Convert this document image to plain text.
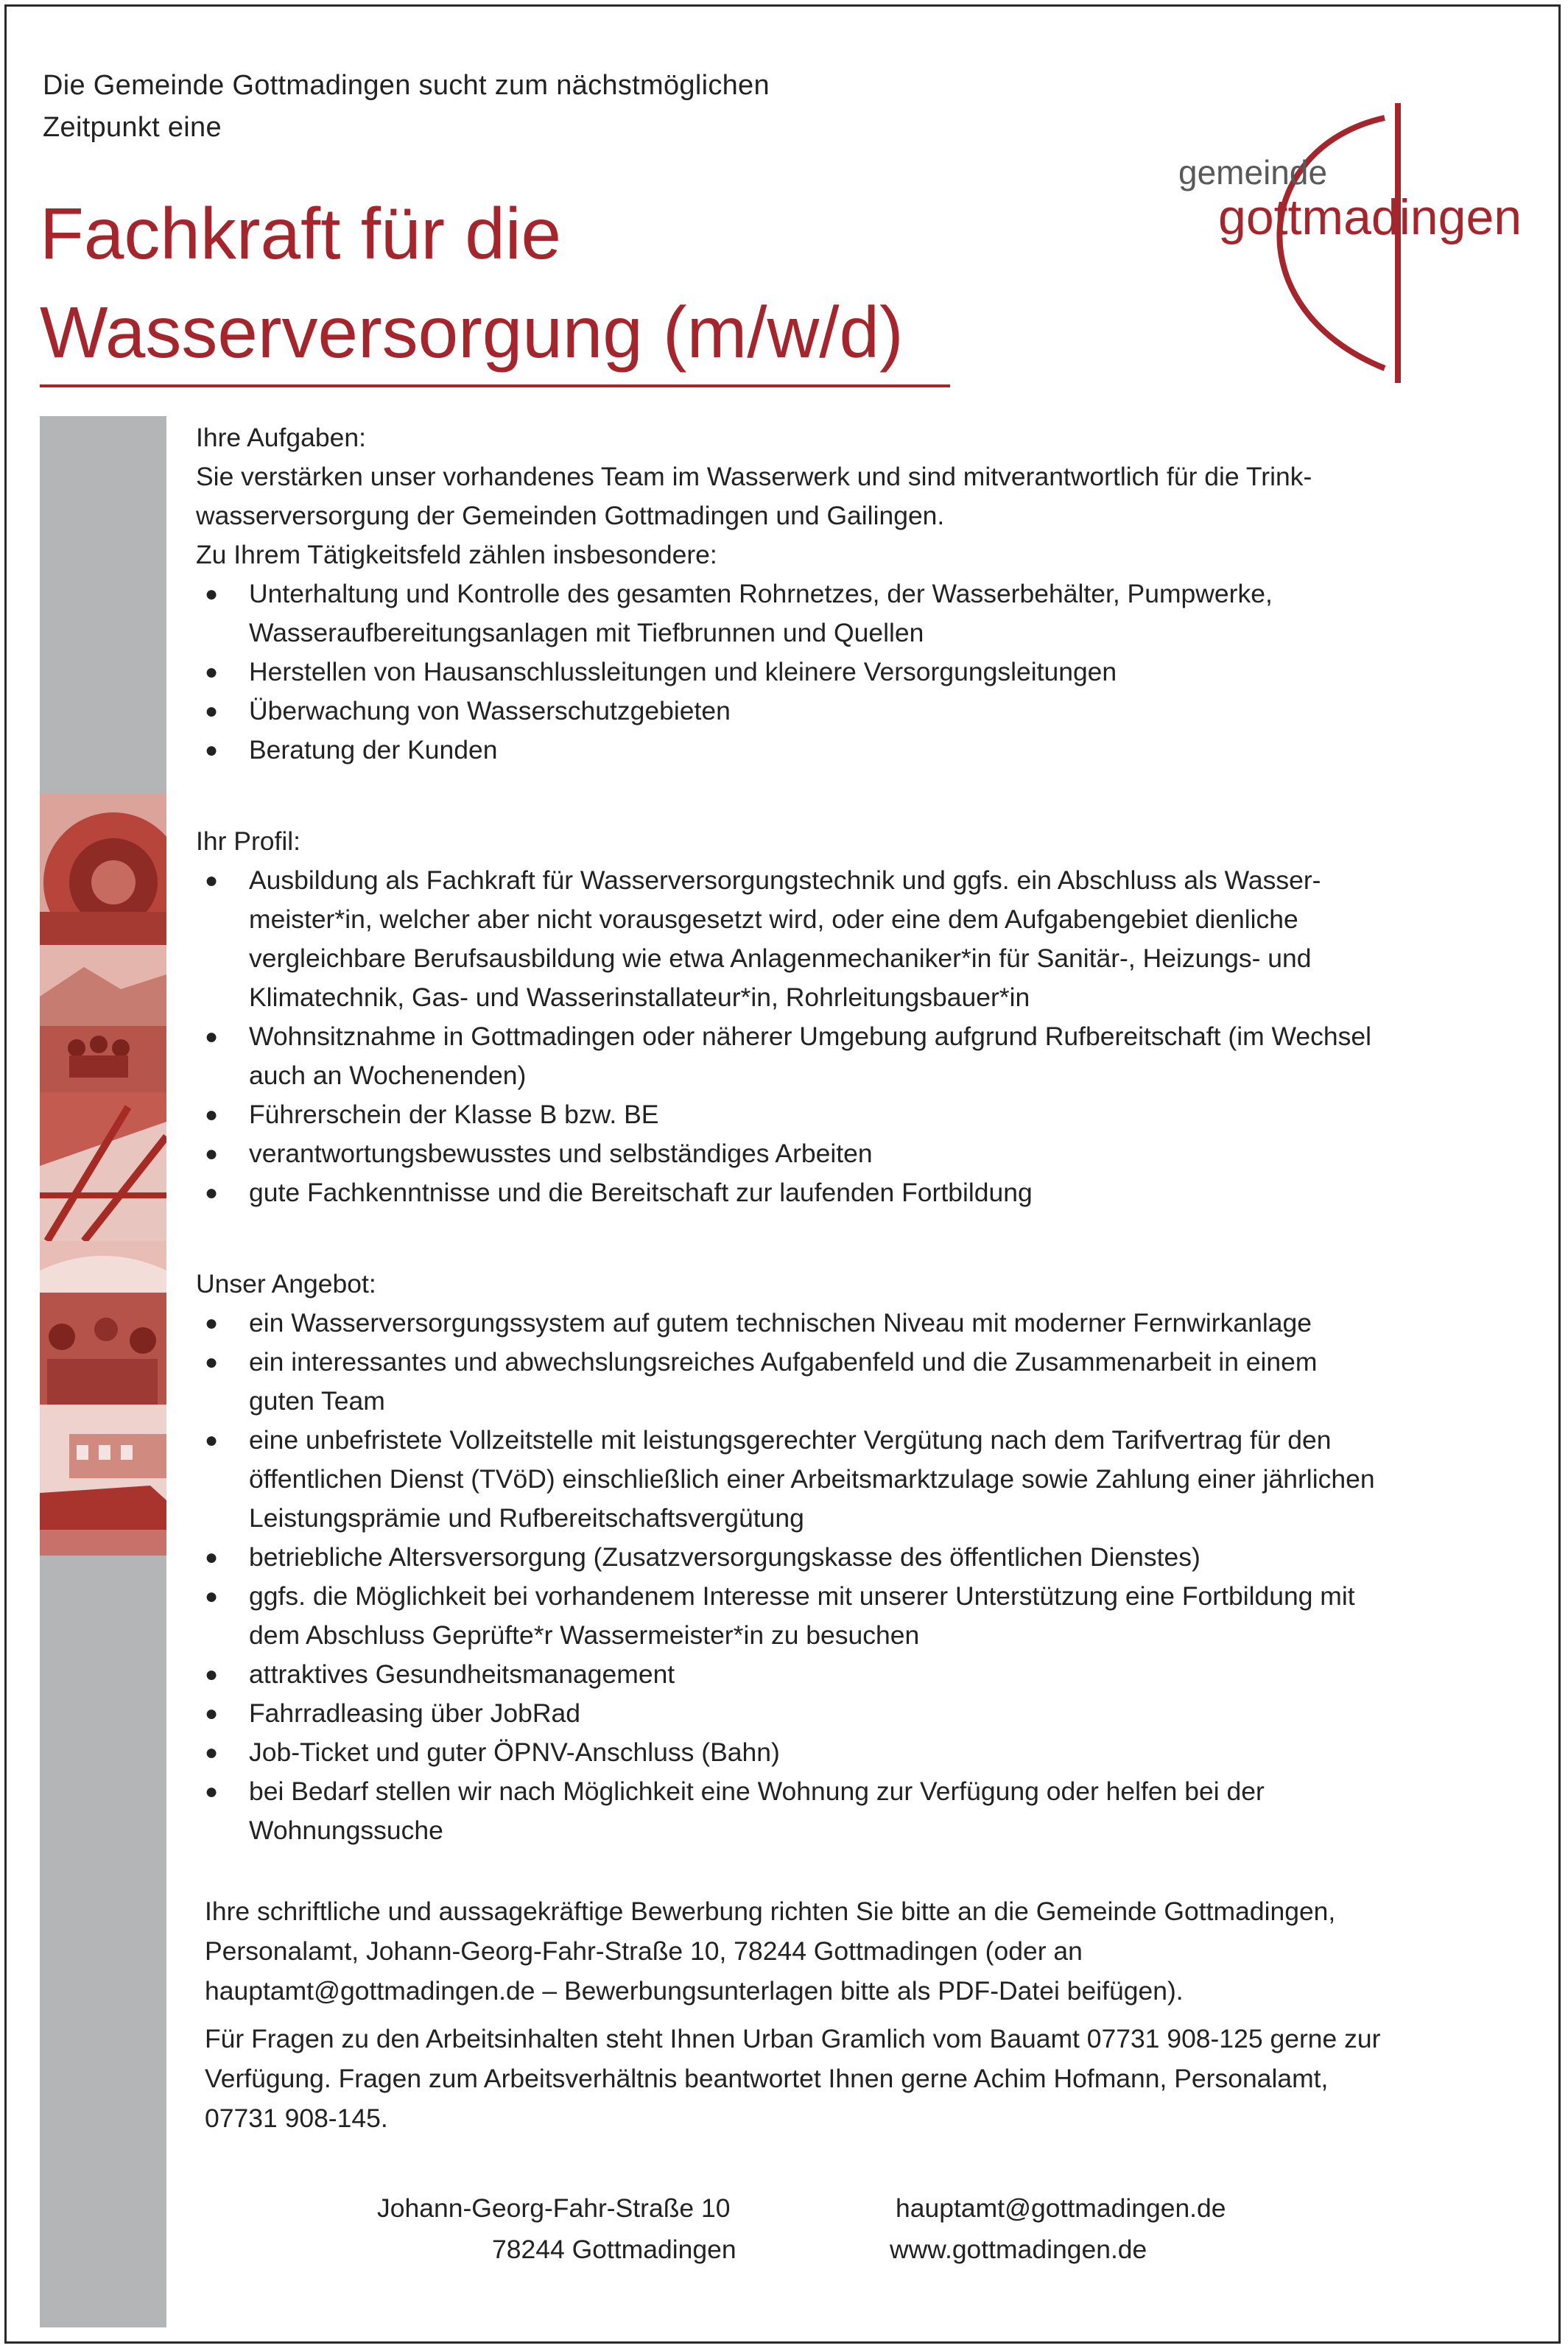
Die Gemeinde Gottmadingen sucht zum nächstmöglichen
Zeitpunkt eine
Fachkraft für die
Wasserversorgung (m/w/d)
gemeinde
gottmadingen

Ihre Aufgaben:

Sie verstärken unser vorhandenes Team im Wasserwerk und sind mitverantwortlich für die Trink-

wasserversorgung der Gemeinden Gottmadingen und Gailingen.

Zu Ihrem Tätigkeitsfeld zählen insbesondere:

● Unterhaltung und Kontrolle des gesamten Rohrnetzes, der Wasserbehälter, Pumpwerke,
Wasseraufbereitungsanlagen mit Tiefbrunnen und Quellen
● Herstellen von Hausanschlussleitungen und kleinere Versorgungsleitungen
● Überwachung von Wasserschutzgebieten
● Beratung der Kunden

Ihr Profil:

● Ausbildung als Fachkraft für Wasserversorgungstechnik und ggfs. ein Abschluss als Wasser-
meister*in, welcher aber nicht vorausgesetzt wird, oder eine dem Aufgabengebiet dienliche
vergleichbare Berufsausbildung wie etwa Anlagenmechaniker*in für Sanitär-, Heizungs- und
Klimatechnik, Gas- und Wasserinstallateur*in, Rohrleitungsbauer*in
● Wohnsitznahme in Gottmadingen oder näherer Umgebung aufgrund Rufbereitschaft (im Wechsel
auch an Wochenenden)
● Führerschein der Klasse B bzw. BE
● verantwortungsbewusstes und selbständiges Arbeiten
● gute Fachkenntnisse und die Bereitschaft zur laufenden Fortbildung

Unser Angebot:

● ein Wasserversorgungssystem auf gutem technischen Niveau mit moderner Fernwirkanlage
● ein interessantes und abwechslungsreiches Aufgabenfeld und die Zusammenarbeit in einem
guten Team
● eine unbefristete Vollzeitstelle mit leistungsgerechter Vergütung nach dem Tarifvertrag für den
öffentlichen Dienst (TVöD) einschließlich einer Arbeitsmarktzulage sowie Zahlung einer jährlichen
Leistungsprämie und Rufbereitschaftsvergütung
● betriebliche Altersversorgung (Zusatzversorgungskasse des öffentlichen Dienstes)
● ggfs. die Möglichkeit bei vorhandenem Interesse mit unserer Unterstützung eine Fortbildung mit
dem Abschluss Geprüfte*r Wassermeister*in zu besuchen
● attraktives Gesundheitsmanagement
● Fahrradleasing über JobRad
● Job-Ticket und guter ÖPNV-Anschluss (Bahn)
● bei Bedarf stellen wir nach Möglichkeit eine Wohnung zur Verfügung oder helfen bei der
Wohnungssuche

Ihre schriftliche und aussagekräftige Bewerbung richten Sie bitte an die Gemeinde Gottmadingen,
Personalamt, Johann-Georg-Fahr-Straße 10, 78244 Gottmadingen (oder an
hauptamt@gottmadingen.de – Bewerbungsunterlagen bitte als PDF-Datei beifügen).

Für Fragen zu den Arbeitsinhalten steht Ihnen Urban Gramlich vom Bauamt 07731 908-125 gerne zur
Verfügung. Fragen zum Arbeitsverhältnis beantwortet Ihnen gerne Achim Hofmann, Personalamt,
07731 908-145.

Johann-Georg-Fahr-Straße 10
78244 Gottmadingen
hauptamt@gottmadingen.de
www.gottmadingen.de
